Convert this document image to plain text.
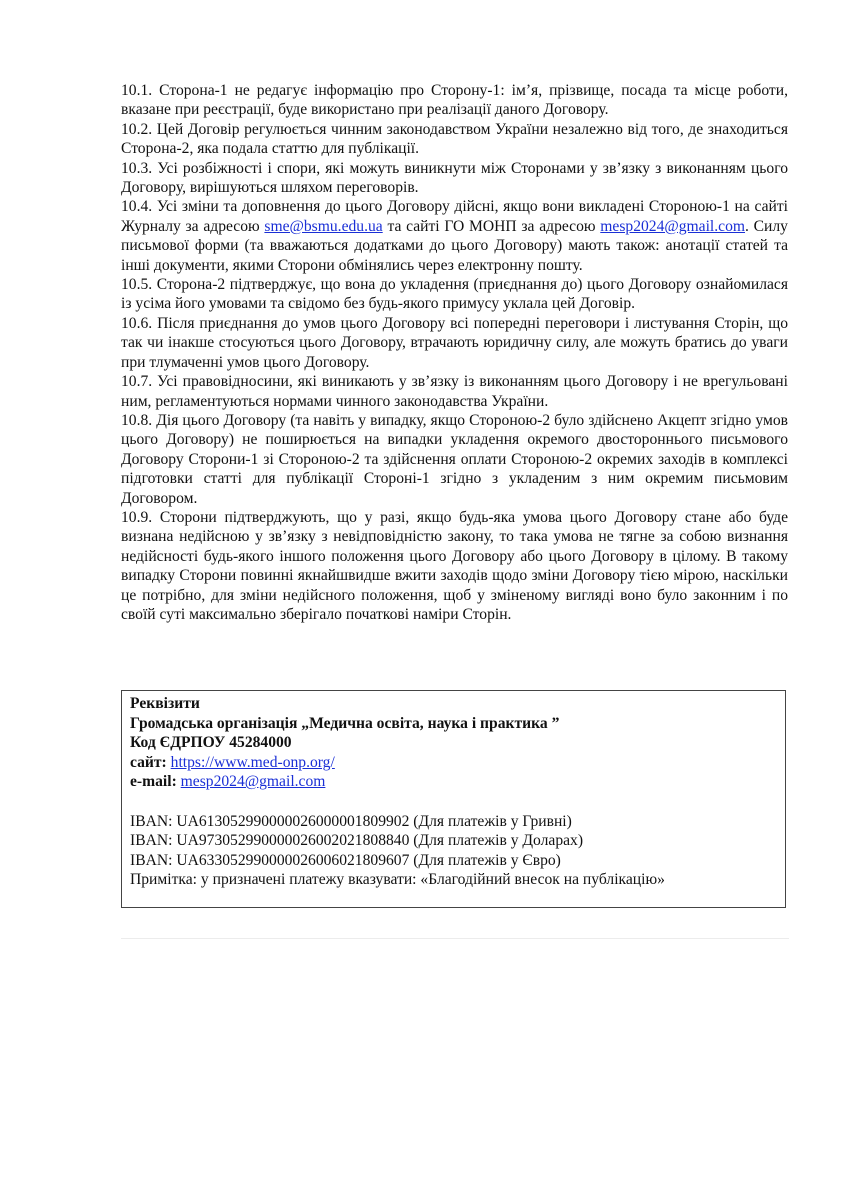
10.1. Сторона-1 не редагує інформацію про Сторону-1: ім’я, прізвище, посада та місце роботи, вказане при реєстрації, буде використано при реалізації даного Договору.

10.2. Цей Договір регулюється чинним законодавством України незалежно від того, де знаходиться Сторона-2, яка подала статтю для публікації.

10.3. Усі розбіжності і спори, які можуть виникнути між Сторонами у зв’язку з виконанням цього Договору, вирішуються шляхом переговорів.

10.4. Усі зміни та доповнення до цього Договору дійсні, якщо вони викладені Стороною-1 на сайті Журналу за адресою sme@bsmu.edu.ua та сайті ГО МОНП за адресою mesp2024@gmail.com. Силу письмової форми (та вважаються додатками до цього Договору) мають також: анотації статей та інші документи, якими Сторони обмінялись через електронну пошту.

10.5. Сторона-2 підтверджує, що вона до укладення (приєднання до) цього Договору ознайомилася із усіма його умовами та свідомо без будь-якого примусу уклала цей Договір.

10.6. Після приєднання до умов цього Договору всі попередні переговори і листування Сторін, що так чи інакше стосуються цього Договору, втрачають юридичну силу, але можуть братись до уваги при тлумаченні умов цього Договору.

10.7. Усі правовідносини, які виникають у зв’язку із виконанням цього Договору і не врегульовані ним, регламентуються нормами чинного законодавства України.

10.8. Дія цього Договору (та навіть у випадку, якщо Стороною-2 було здійснено Акцепт згідно умов цього Договору) не поширюється на випадки укладення окремого двостороннього письмового Договору Сторони-1 зі Стороною-2 та здійснення оплати Стороною-2 окремих заходів в комплексі підготовки статті для публікації Стороні-1 згідно з укладеним з ним окремим письмовим Договором.

10.9. Сторони підтверджують, що у разі, якщо будь-яка умова цього Договору стане або буде визнана недійсною у зв’язку з невідповідністю закону, то така умова не тягне за собою визнання недійсності будь-якого іншого положення цього Договору або цього Договору в цілому. В такому випадку Сторони повинні якнайшвидше вжити заходів щодо зміни Договору тією мірою, наскільки це потрібно, для зміни недійсного положення, щоб у зміненому вигляді воно було законним і по своїй суті максимально зберігало початкові наміри Сторін.

Реквізити
Громадська організація „Медична освіта, наука і практика ”
Код ЄДРПОУ 45284000
сайт: https://www.med-onp.org/
e-mail: mesp2024@gmail.com
IBAN: UA613052990000026000001809902 (Для платежів у Гривні)
IBAN: UA973052990000026002021808840 (Для платежів у Доларах)
IBAN: UA633052990000026006021809607 (Для платежів у Євро)
Примітка: у призначені платежу вказувати: «Благодійний внесок на публікацію»
